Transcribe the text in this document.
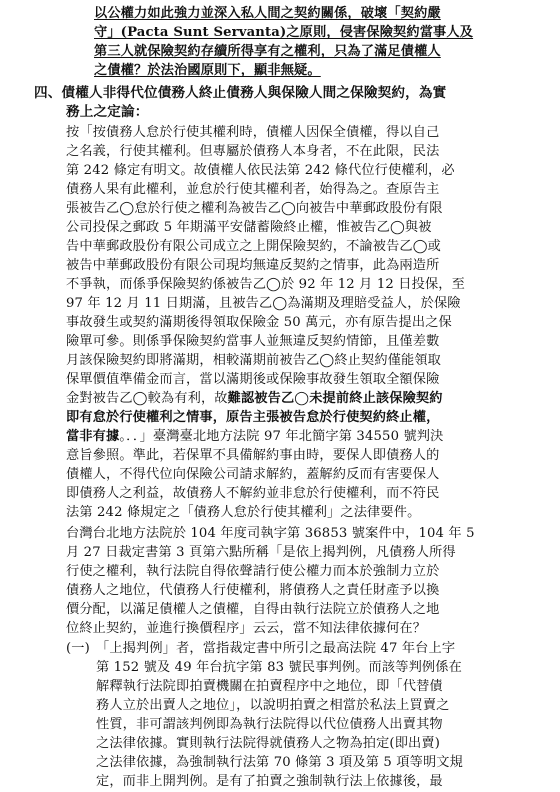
以公權力如此強力並深入私人間之契約關係，破壞「契約嚴
守」(Pacta Sunt Servanta)之原則，侵害保險契約當事人及
第三人就保險契約存續所得享有之權利，只為了滿足債權人
之債權？於法治國原則下，顯非無疑。
四、債權人非得代位債務人終止債務人與保險人間之保險契約，為實
務上之定論：
按「按債務人怠於行使其權利時，債權人因保全債權，得以自己
之名義，行使其權利。但專屬於債務人本身者，不在此限，民法
第 242 條定有明文。故債權人依民法第 242 條代位行使權利，必
債務人果有此權利，並怠於行使其權利者，始得為之。查原告主
張被告乙◯怠於行使之權利為被告乙◯向被告中華郵政股份有限
公司投保之郵政 5 年期滿平安儲蓄險終止權，惟被告乙◯與被
告中華郵政股份有限公司成立之上開保險契約，不論被告乙◯或
被告中華郵政股份有限公司現均無違反契約之情事，此為兩造所
不爭執，而係爭保險契約係被告乙◯於 92 年 12 月 12 日投保，至
97 年 12 月 11 日期滿，且被告乙◯為滿期及理賠受益人，於保險
事故發生或契約滿期後得領取保險金 50 萬元，亦有原告提出之保
險單可參。則係爭保險契約當事人並無違反契約情節，且僅差數
月該保險契約即將滿期，相較滿期前被告乙◯終止契約僅能領取
保單價值準備金而言，當以滿期後或保險事故發生領取全額保險
金對被告乙◯較為有利，故難認被告乙◯未提前終止該保險契約
即有怠於行使權利之情事，原告主張被告怠於行使契約終止權，
當非有據。．．」臺灣臺北地方法院 97 年北簡字第 34550 號判決
意旨參照。準此，若保單不具備解約事由時，要保人即債務人的
債權人，不得代位向保險公司請求解約，蓋解約反而有害要保人
即債務人之利益，故債務人不解約並非怠於行使權利，而不符民
法第 242 條規定之「債務人怠於行使其權利」之法律要件。
台灣台北地方法院於 104 年度司執字第 36853 號案件中，104 年 5
月 27 日裁定書第 3 頁第六點所稱「是依上揭判例，凡債務人所得
行使之權利，執行法院自得依聲請行使公權力而本於強制力立於
債務人之地位，代債務人行使權利，將債務人之責任財產予以換
價分配，以滿足債權人之債權，自得由執行法院立於債務人之地
位終止契約，並進行換價程序」云云，當不知法律依據何在？
(一) 「上揭判例」者，當指裁定書中所引之最高法院 47 年台上字
第 152 號及 49 年台抗字第 83 號民事判例。而該等判例係在
解釋執行法院即拍賣機關在拍賣程序中之地位，即「代替債
務人立於出賣人之地位」，以說明拍賣之相當於私法上買賣之
性質，非可謂該判例即為執行法院得以代位債務人出賣其物
之法律依據。實則執行法院得就債務人之物為拍定(即出賣)
之法律依據，為強制執行法第 70 條第 3 項及第 5 項等明文規
定，而非上開判例。是有了拍賣之強制執行法上依據後，最
